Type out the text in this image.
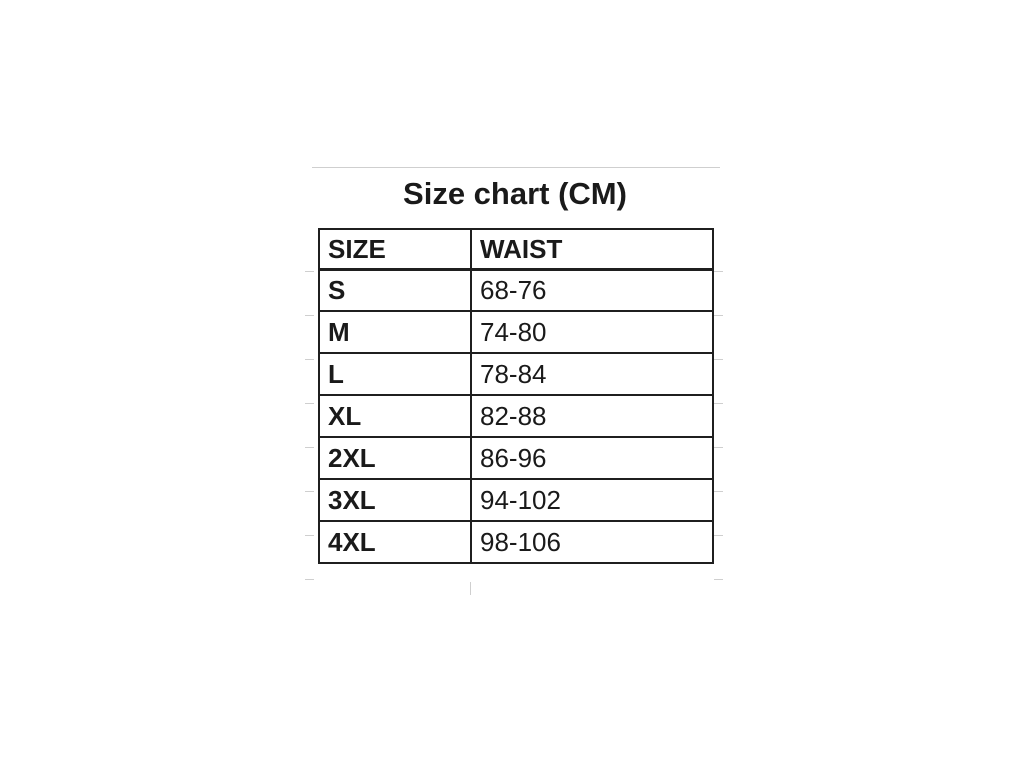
Size chart (CM)
SIZE	WAIST
S	68-76
M	74-80
L	78-84
XL	82-88
2XL	86-96
3XL	94-102
4XL	98-106
